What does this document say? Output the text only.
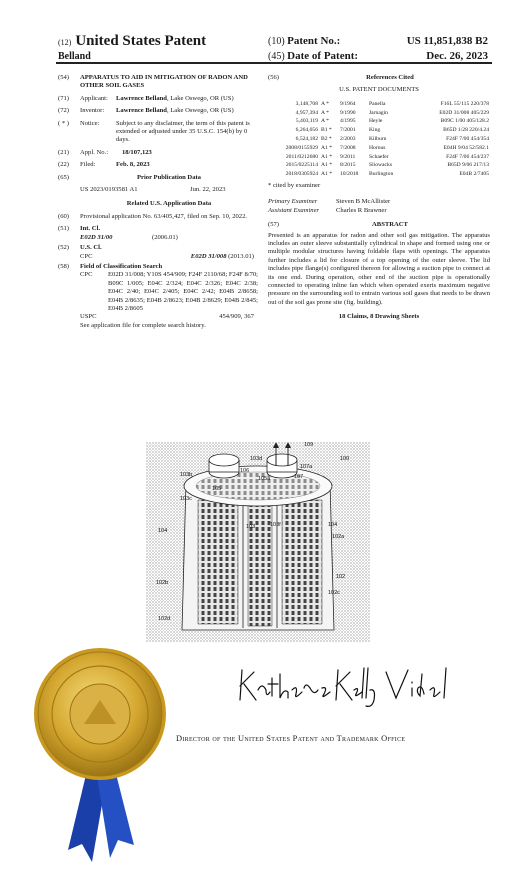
(12) United States Patent
Belland
(10) Patent No.:	US 11,851,838 B2
(45) Date of Patent:	Dec. 26, 2023
(54)	APPARATUS TO AID IN MITIGATION OF RADON AND OTHER SOIL GASES
(71)	Applicant:	Lawrence Belland, Lake Oswego, OR (US)
(72)	Inventor:	Lawrence Belland, Lake Oswego, OR (US)
( * )	Notice:	Subject to any disclaimer, the term of this patent is extended or adjusted under 35 U.S.C. 154(b) by 0 days.
(21)	Appl. No.:	18/107,123
(22)	Filed:	Feb. 8, 2023
(65)	Prior Publication Data
US 2023/0193581 A1	Jun. 22, 2023
Related U.S. Application Data
(60)	Provisional application No. 63/405,427, filed on Sep. 10, 2022.
(51)	Int. Cl.
E02D 31/00	(2006.01)
(52)	U.S. Cl.
CPC	E02D 31/008 (2013.01)
(58)	Field of Classification Search
CPC	E02D 31/008; Y10S 454/909; F24F 2110/68; F24F 8/70; B09C 1/005; E04C 2/324; E04C 2/326; E04C 2/38; E04C 2/40; E04C 2/405; E04C 2/42; E04B 2/8658; E04B 2/8635; E04B 2/8623; E04B 2/8629; E04B 2/845; E04B 2/8605
USPC	454/909, 367
See application file for complete search history.
(56)	References Cited
U.S. PATENT DOCUMENTS
3,148,708	A *	9/1964	Panella	F16L 55/115 220/378
4,957,394	A *	9/1990	Jarnagin	E02D 31/008 405/229
5,403,119	A *	4/1995	Heyle	B09C 1/00 405/128.2
6,264,056	B1 *	7/2001	King	B65D 1/28 220/4.24
6,524,182	B2 *	2/2003	Kilburn	F24F 7/00 454/354
2008/0155929	A1 *	7/2008	Hornus	E04H 9/04 52/582.1
2011/0212680	A1 *	9/2011	Schaefer	F24F 7/06 454/237
2015/0225114	A1 *	8/2015	Sliowacks	B65D 9/06 217/13
2018/0305924	A1 *	10/2018	Burlington	E04B 2/7405
* cited by examiner
Primary Examiner	Steven B McAllister
Assistant Examiner	Charles R Brawner
(57)	ABSTRACT
Presented is an apparatus for radon and other soil gas mitigation. The apparatus includes an outer sleeve substantially cylindrical in shape and formed using one or multiple modular structures having foldable flaps with openings. The apparatus further includes a lid for closure of a top opening of the outer sleeve. The lid includes pipe flange(s) configured thereon for allowing a suction pipe to connect at its one end. During operation, other end of the suction pipe is operationally connected to operating inline fan which when operated exerts maximum negative pressure on the surrounding soil to entrain various soil gases that needs to be drawn out of the soil gas prone site (fig. building).
18 Claims, 8 Drawing Sheets
109
100
103b
105
106
105a
103d
107
107a
103c
104
103	103f	104
102a
102b
102
102c
102d
Director of the United States Patent and Trademark Office
